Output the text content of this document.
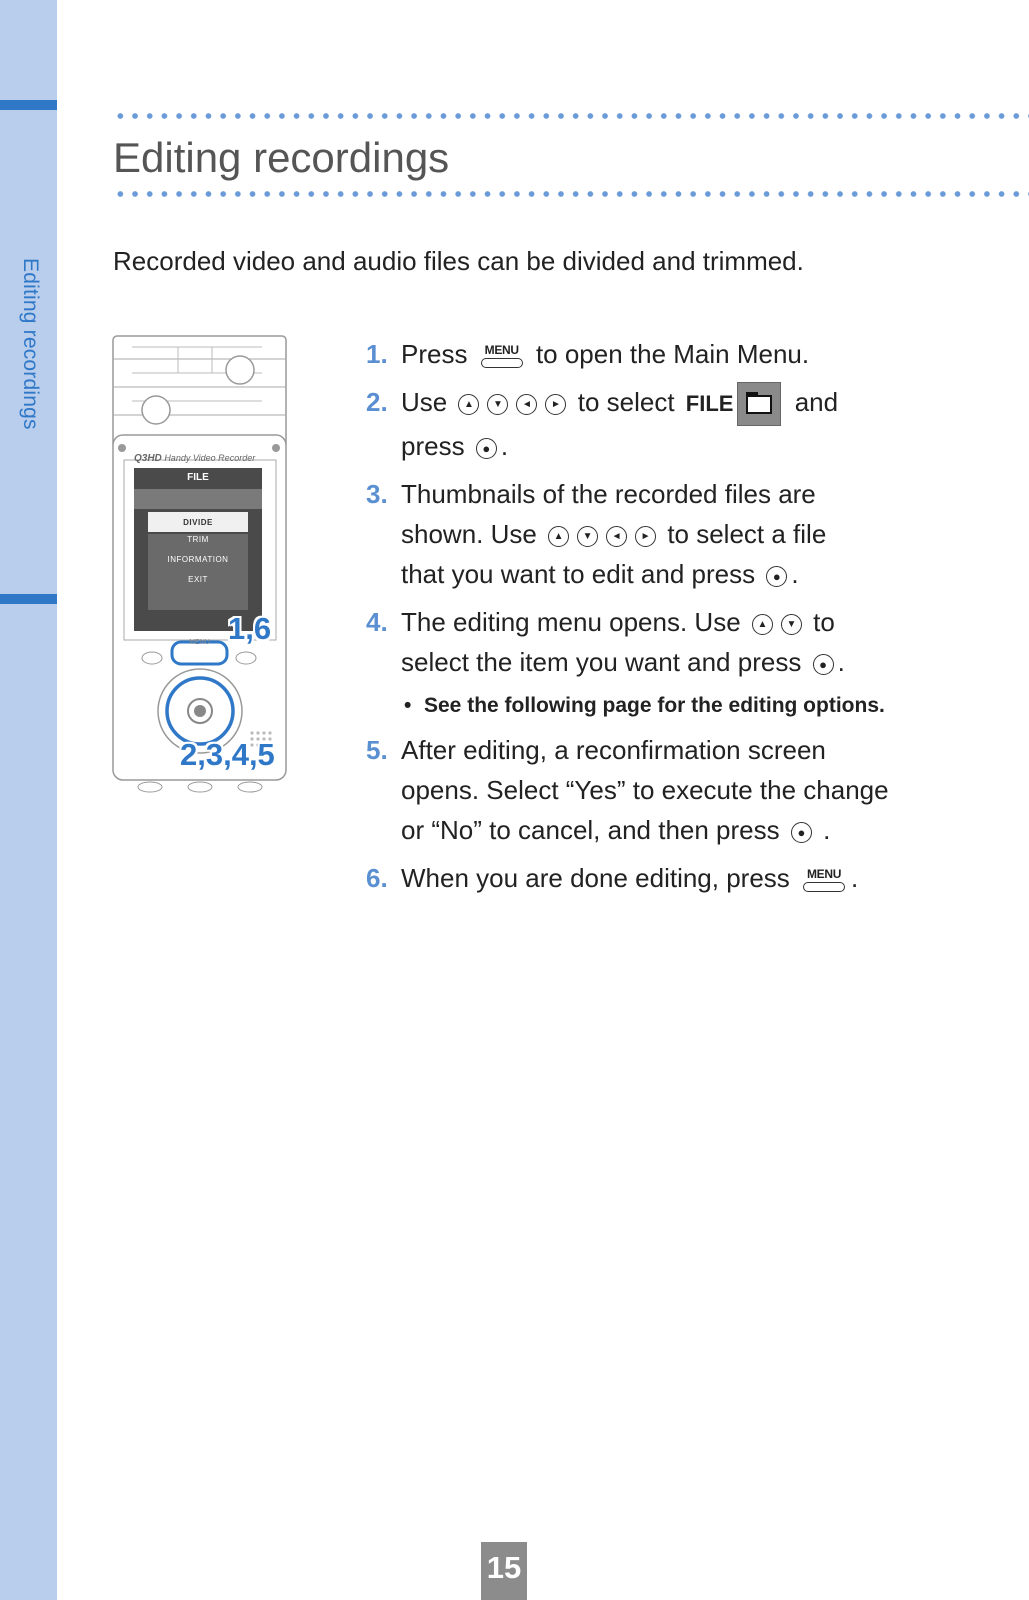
Editing recordings
Editing recordings

Recorded video and audio files can be divided and trimmed.

Q3HD Handy Video Recorder
FILE
DIVIDE
TRIM
INFORMATION
EXIT
MENU 1,6
2,3,4,5
1. Press	MENU to open the Main Menu.
2. Use ▲ ▼ ◄ ► to select FILE and
press ● .
3. Thumbnails of the recorded files are
shown. Use ▲ ▼ ◄ ► to select a file
that you want to edit and press ● .
4. The editing menu opens. Use ▲ ▼ to
select the item you want and press ● .
• See the following page for the editing options.
5. After editing, a reconfirmation screen
opens. Select “Yes” to execute the change
or “No” to cancel, and then press ● .
6. When you are done editing, press	MENU .
15
